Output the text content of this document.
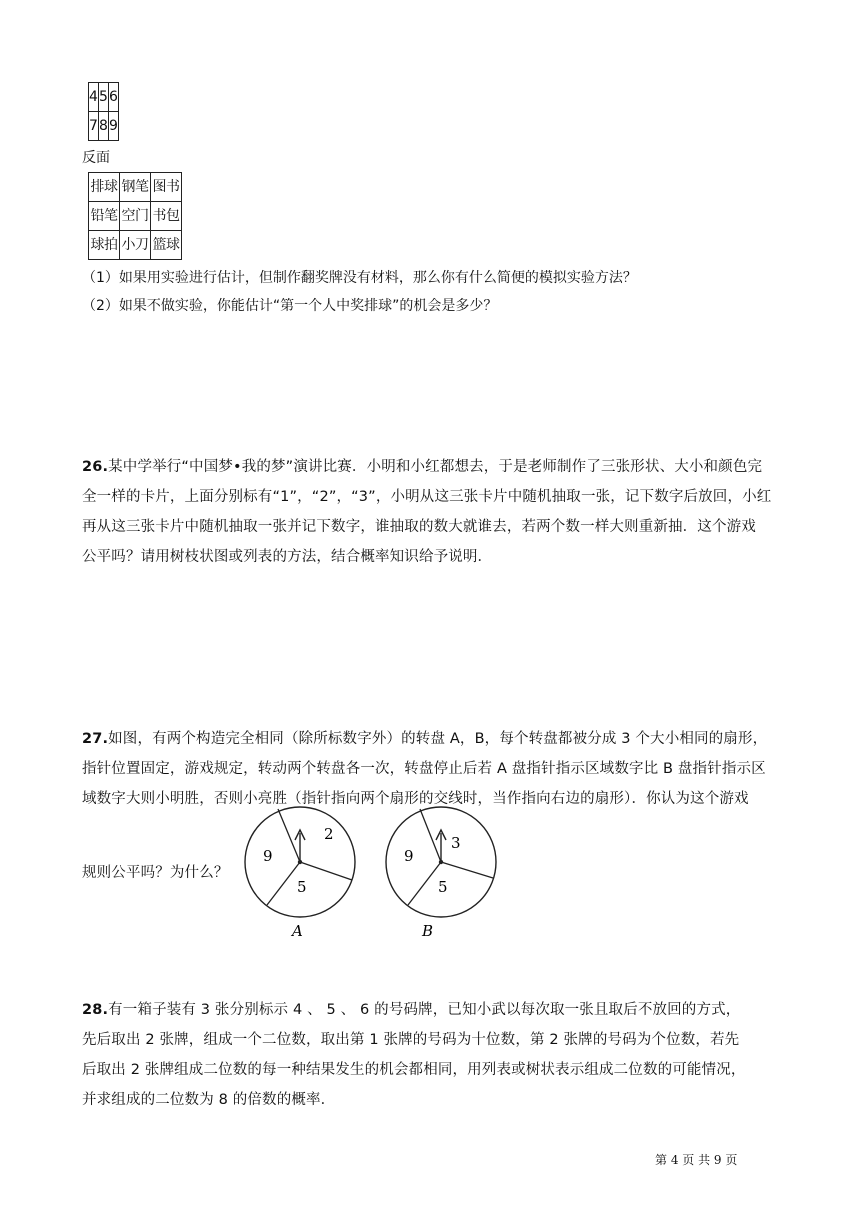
4	5	6
7	8	9
反面
排球	钢笔	图书
铅笔	空门	书包
球拍	小刀	篮球
（1）如果用实验进行估计，但制作翻奖牌没有材料，那么你有什么简便的模拟实验方法？
（2）如果不做实验，你能估计“第一个人中奖排球”的机会是多少？
26.某中学举行“中国梦•我的梦”演讲比赛．小明和小红都想去，于是老师制作了三张形状、大小和颜色完
全一样的卡片，上面分别标有“1”，“2”，“3”，小明从这三张卡片中随机抽取一张，记下数字后放回，小红
再从这三张卡片中随机抽取一张并记下数字，谁抽取的数大就谁去，若两个数一样大则重新抽．这个游戏
公平吗？请用树枝状图或列表的方法，结合概率知识给予说明．
27.如图，有两个构造完全相同（除所标数字外）的转盘 A，B，每个转盘都被分成 3 个大小相同的扇形，
指针位置固定，游戏规定，转动两个转盘各一次，转盘停止后若 A 盘指针指示区域数字比 B 盘指针指示区
域数字大则小明胜，否则小亮胜（指针指向两个扇形的交线时，当作指向右边的扇形）．你认为这个游戏
规则公平吗？为什么？
2
9
5
A
3
9
5
B
28.有一箱子装有 3 张分别标示 4 、 5 、 6 的号码牌，已知小武以每次取一张且取后不放回的方式，
先后取出 2 张牌，组成一个二位数，取出第 1 张牌的号码为十位数，第 2 张牌的号码为个位数，若先
后取出 2 张牌组成二位数的每一种结果发生的机会都相同，用列表或树状表示组成二位数的可能情况，
并求组成的二位数为 8 的倍数的概率．
第 4 页 共 9 页
